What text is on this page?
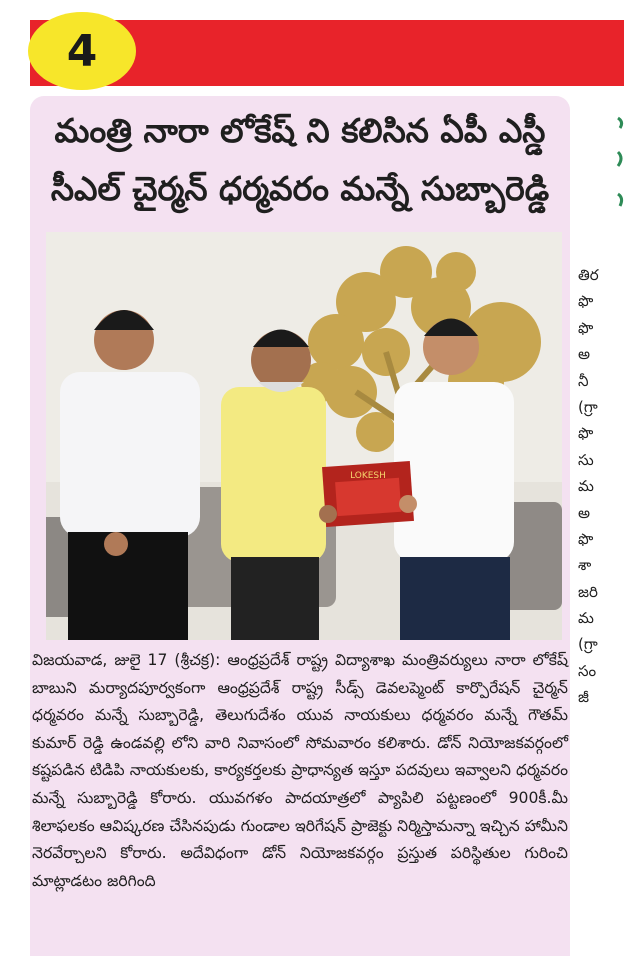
4
మంత్రి నారా లోకేష్ ని కలిసిన ఏపీ ఎస్డీ
సీఎల్ చైర్మన్ ధర్మవరం మన్నే సుబ్బారెడ్డి
LOKESH

విజయవాడ, జులై 17 (శ్రీచక్ర): ఆంధ్రప్రదేశ్ రాష్ట్ర విద్యాశాఖ మంత్రివర్యులు నారా లోకేష్ బాబుని మర్యాదపూర్వకంగా ఆంధ్రప్రదేశ్ రాష్ట్ర సీడ్స్ డెవలప్మెంట్ కార్పొరేషన్ చైర్మన్ ధర్మవరం మన్నే సుబ్బారెడ్డి, తెలుగుదేశం యువ నాయకులు ధర్మవరం మన్నే గౌతమ్ కుమార్ రెడ్డి ఉండవల్లి లోని వారి నివాసంలో సోమవారం కలిశారు. డోన్ నియోజకవర్గంలో కష్టపడిన టిడిపి నాయకులకు, కార్యకర్తలకు ప్రాధాన్యత ఇస్తూ పదవులు ఇవ్వాలని ధర్మవరం మన్నే సుబ్బారెడ్డి కోరారు. యువగళం పాదయాత్రలో ప్యాపిలి పట్టణంలో 900కీ.మీ శిలాఫలకం ఆవిష్కరణ చేసినపుడు గుండాల ఇరిగేషన్ ప్రాజెక్టు నిర్మిస్తామన్నా ఇచ్చిన హామీని నెరవేర్చాలని కోరారు. అదేవిధంగా డోన్ నియోజకవర్గం ప్రస్తుత పరిస్థితుల గురించి మాట్లాడటం జరిగింది

తిర
ఫొ
ఫొ
అ
నీ
(గ్రా
ఫొ
సు
మ
అ
ఫొ
శా
జరి
మ
(గ్రా
సం
జీ
